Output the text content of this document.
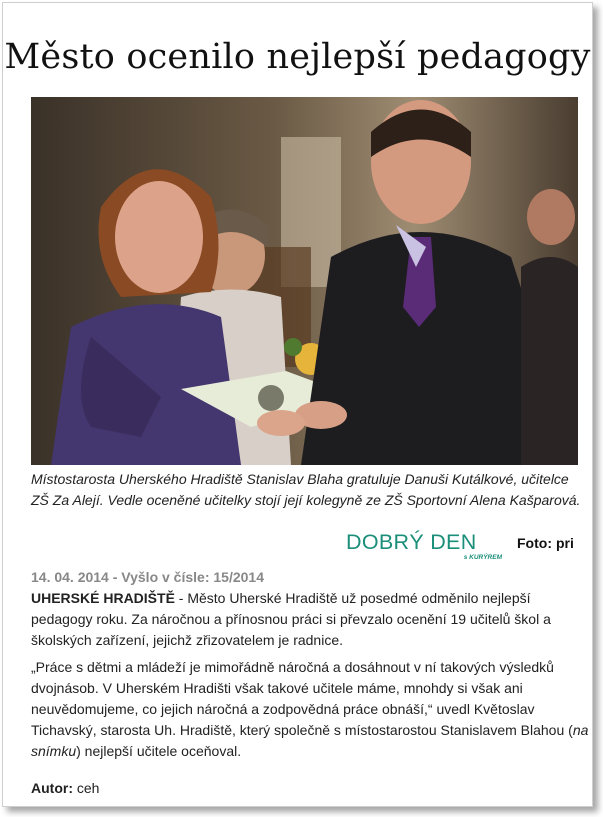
Město ocenilo nejlepší pedagogy
Místostarosta Uherského Hradiště Stanislav Blaha gratuluje Danuši Kutálkové, učitelce ZŠ Za Alejí. Vedle oceněné učitelky stojí její kolegyně ze ZŠ Sportovní Alena Kašparová.
DOBRÝ DEN
s KURÝREM
Foto: pri
14. 04. 2014 - Vyšlo v čísle: 15/2014

UHERSKÉ HRADIŠTĚ - Město Uherské Hradiště už posedmé odměnilo nejlepší pedagogy roku. Za náročnou a přínosnou práci si převzalo ocenění 19 učitelů škol a školských zařízení, jejichž zřizovatelem je radnice.

„Práce s dětmi a mládeží je mimořádně náročná a dosáhnout v ní takových výsledků dvojnásob. V Uherském Hradišti však takové učitele máme, mnohdy si však ani neuvědomujeme, co jejich náročná a zodpovědná práce obnáší,“ uvedl Květoslav Tichavský, starosta Uh. Hradiště, který společně s místostarostou Stanislavem Blahou (na snímku) nejlepší učitele oceňoval.

Autor: ceh
